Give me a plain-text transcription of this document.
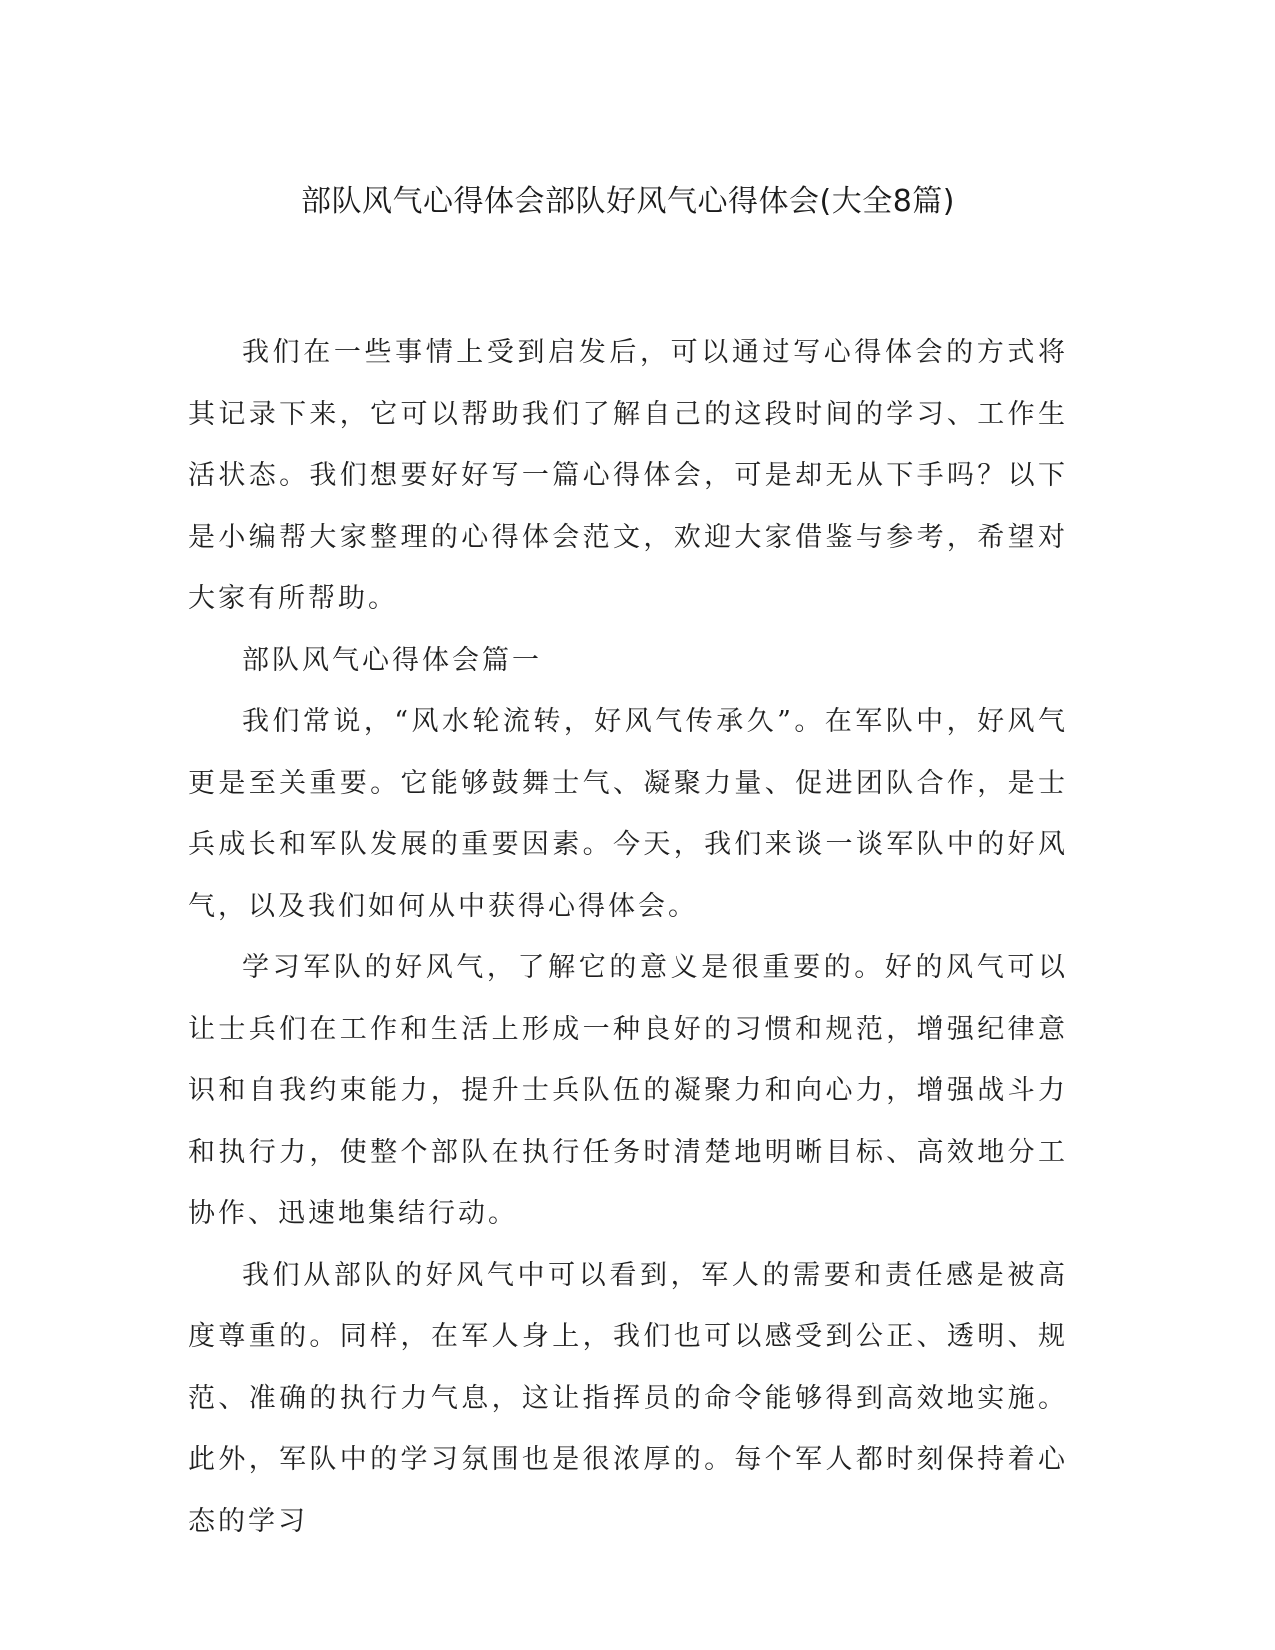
部队风气心得体会部队好风气心得体会(大全8篇)

我们在一些事情上受到启发后，可以通过写心得体会的方式将其记录下来，它可以帮助我们了解自己的这段时间的学习、工作生活状态。我们想要好好写一篇心得体会，可是却无从下手吗？以下是小编帮大家整理的心得体会范文，欢迎大家借鉴与参考，希望对大家有所帮助。

部队风气心得体会篇一

我们常说，“风水轮流转，好风气传承久”。在军队中，好风气更是至关重要。它能够鼓舞士气、凝聚力量、促进团队合作，是士兵成长和军队发展的重要因素。今天，我们来谈一谈军队中的好风气，以及我们如何从中获得心得体会。

学习军队的好风气，了解它的意义是很重要的。好的风气可以让士兵们在工作和生活上形成一种良好的习惯和规范，增强纪律意识和自我约束能力，提升士兵队伍的凝聚力和向心力，增强战斗力和执行力，使整个部队在执行任务时清楚地明晰目标、高效地分工协作、迅速地集结行动。

我们从部队的好风气中可以看到，军人的需要和责任感是被高度尊重的。同样，在军人身上，我们也可以感受到公正、透明、规范、准确的执行力气息，这让指挥员的命令能够得到高效地实施。此外，军队中的学习氛围也是很浓厚的。每个军人都时刻保持着心态的学习
